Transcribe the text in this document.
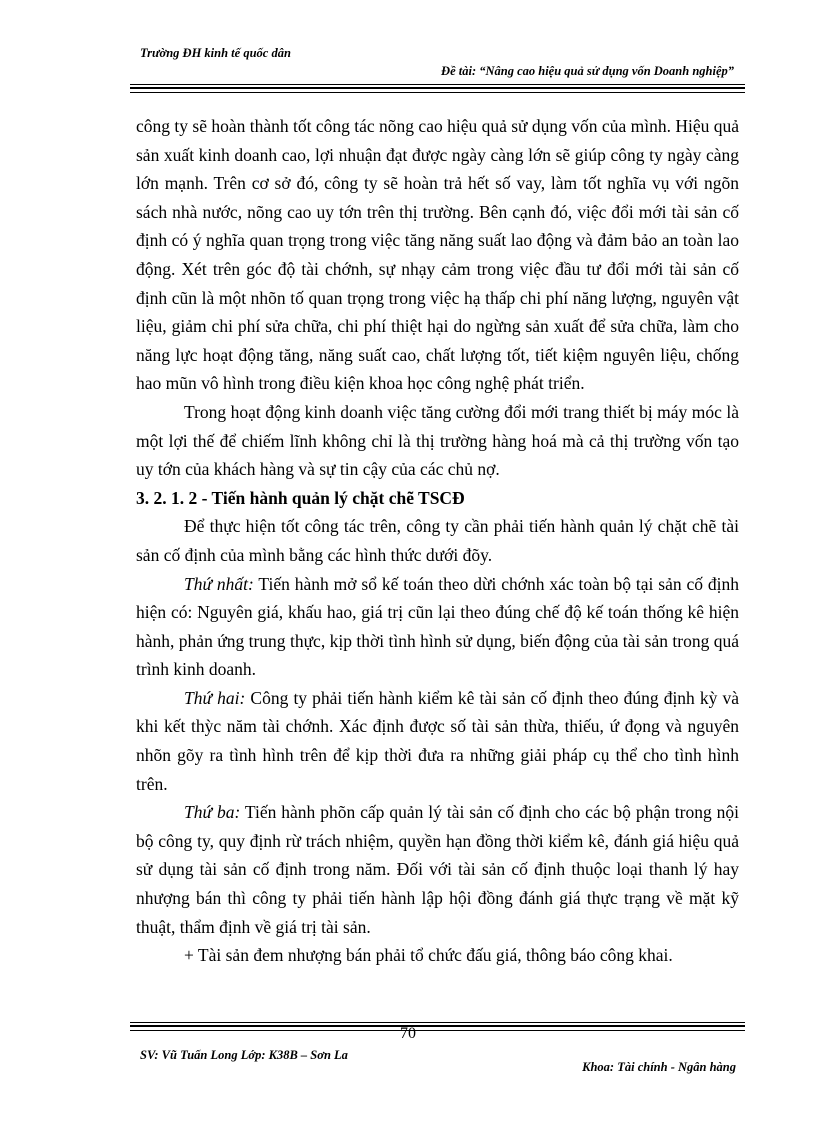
Trường ĐH kinh tế quốc dân
Đề tài: “Nâng cao hiệu quả sử dụng vốn Doanh nghiệp”

công ty sẽ hoàn thành tốt công tác nõng cao hiệu quả sử dụng vốn của mình. Hiệu quả sản xuất kinh doanh cao, lợi nhuận đạt được ngày càng lớn sẽ giúp công ty ngày càng lớn mạnh. Trên cơ sở đó, công ty sẽ hoàn trả hết số vay, làm tốt nghĩa vụ với ngõn sách nhà nước, nõng cao uy tớn trên thị trường. Bên cạnh đó, việc đổi mới tài sản cố định có ý nghĩa quan trọng trong việc tăng năng suất lao động và đảm bảo an toàn lao động. Xét trên góc độ tài chớnh, sự nhạy cảm trong việc đầu tư đổi mới tài sản cố định cũn là một nhõn tố quan trọng trong việc hạ thấp chi phí năng lượng, nguyên vật liệu, giảm chi phí sửa chữa, chi phí thiệt hại do ngừng sản xuất để sửa chữa, làm cho năng lực hoạt động tăng, năng suất cao, chất lượng tốt, tiết kiệm nguyên liệu, chống hao mũn vô hình trong điều kiện khoa học công nghệ phát triển.

Trong hoạt động kinh doanh việc tăng cường đổi mới trang thiết bị máy móc là một lợi thế để chiếm lĩnh không chỉ là thị trường hàng hoá mà cả thị trường vốn tạo uy tớn của khách hàng và sự tin cậy của các chủ nợ.

3. 2. 1. 2 - Tiến hành quản lý chặt chẽ TSCĐ

Để thực hiện tốt công tác trên, công ty cần phải tiến hành quản lý chặt chẽ tài sản cố định của mình bằng các hình thức dưới đõy.

Thứ nhất: Tiến hành mở sổ kế toán theo dừi chớnh xác toàn bộ tại sản cố định hiện có: Nguyên giá, khấu hao, giá trị cũn lại theo đúng chế độ kế toán thống kê hiện hành, phản ứng trung thực, kịp thời tình hình sử dụng, biến động của tài sản trong quá trình kinh doanh.

Thứ hai: Công ty phải tiến hành kiểm kê tài sản cố định theo đúng định kỳ và khi kết thỳc năm tài chớnh. Xác định được số tài sản thừa, thiếu, ứ đọng và nguyên nhõn gõy ra tình hình trên để kịp thời đưa ra những giải pháp cụ thể cho tình hình trên.

Thứ ba: Tiến hành phõn cấp quản lý tài sản cố định cho các bộ phận trong nội bộ công ty, quy định rừ trách nhiệm, quyền hạn đồng thời kiểm kê, đánh giá hiệu quả sử dụng tài sản cố định trong năm. Đối với tài sản cố định thuộc loại thanh lý hay nhượng bán thì công ty phải tiến hành lập hội đồng đánh giá thực trạng về mặt kỹ thuật, thẩm định về giá trị tài sản.

+ Tài sản đem nhượng bán phải tổ chức đấu giá, thông báo công khai.

70
SV: Vũ Tuấn Long Lớp: K38B – Sơn La
Khoa: Tài chính - Ngân hàng
